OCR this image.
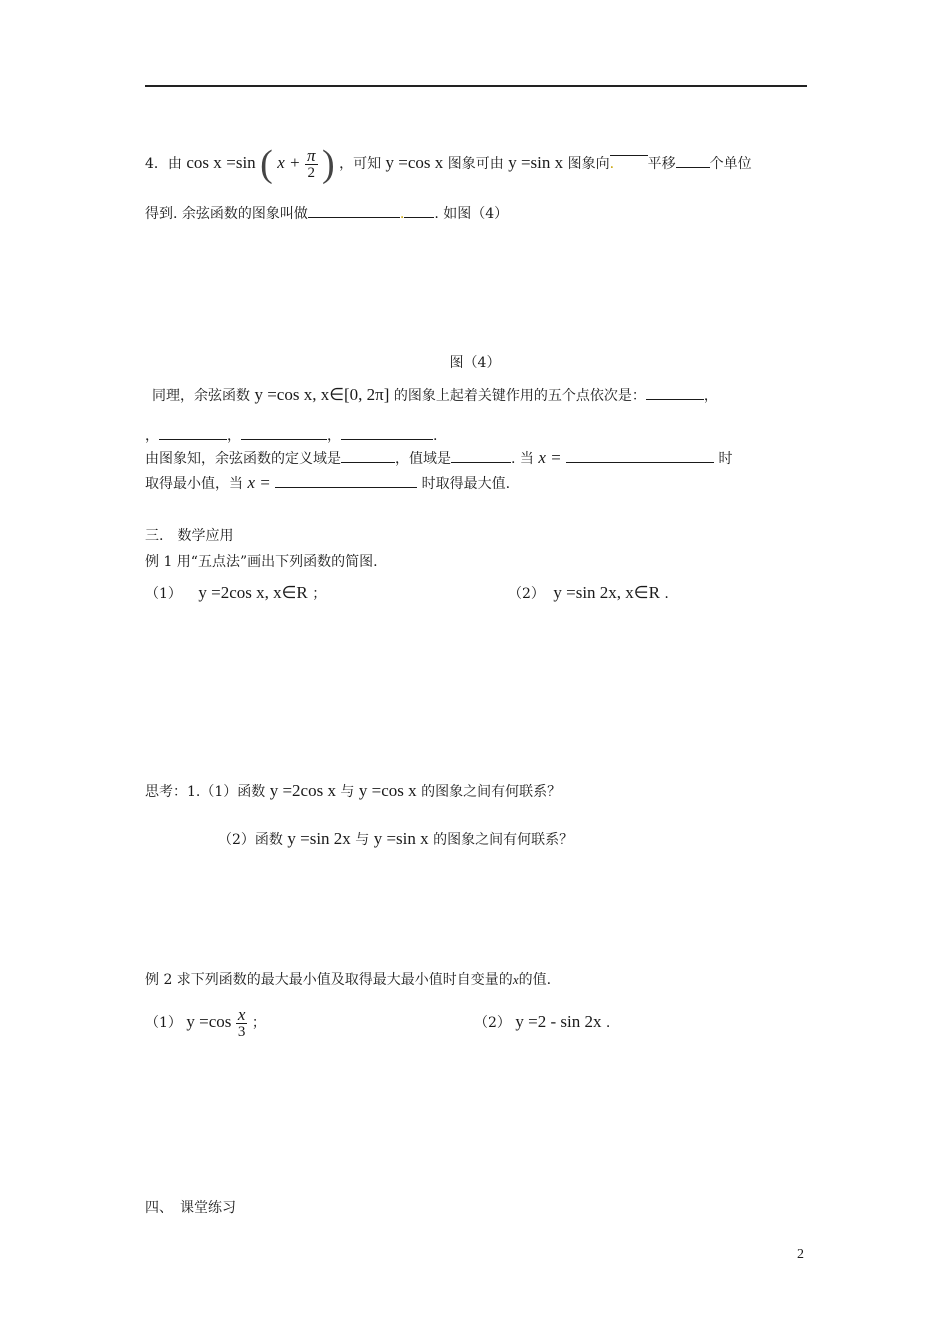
4．由 cos x =sin ( $x + \frac{\pi}{2}$ ) ，可知 y =cos x 图象可由 y =sin x 图象向. 平移 个单位
得到. 余弦函数的图象叫做	. . 如图（4）
图（4）
同理，余弦函数 y =cos x, x∈[0, 2π] 的图象上起着关键作用的五个点依次是：	，
，	，	，	.
由图象知，余弦函数的定义域是	，值域是	. 当 x =	时
取得最小值，当 x =	时取得最大值.
三.　数学应用
例 1 用“五点法”画出下列函数的简图.
（1） y =2cos x, x∈R ；	（2） y =sin 2x, x∈R .
思考：1.（1）函数 y =2cos x 与 y =cos x 的图象之间有何联系？
（2）函数 y =sin 2x 与 y =sin x 的图象之间有何联系？
例 2 求下列函数的最大最小值及取得最大最小值时自变量的x的值.
（1） $y =\cos \frac{x}{3}$ ；	（2） y =2 - sin 2x .
四、　课堂练习
2
